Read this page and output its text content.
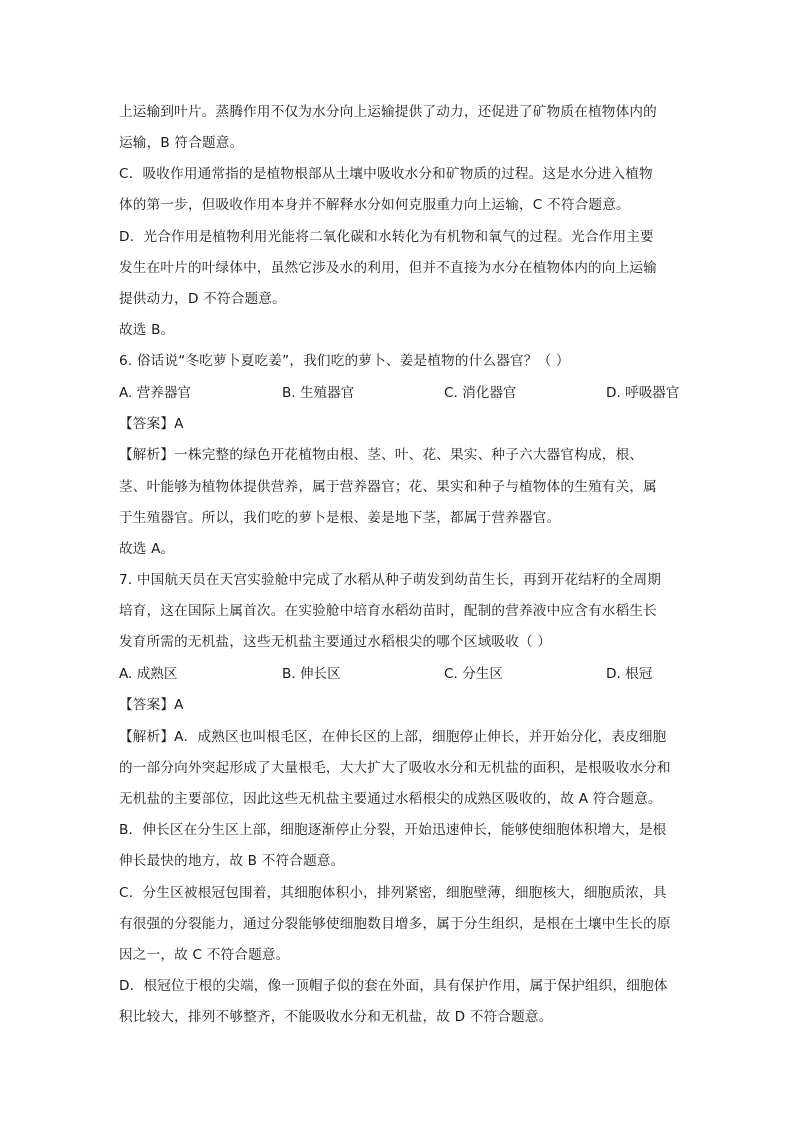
上运输到叶片。蒸腾作用不仅为水分向上运输提供了动力，还促进了矿物质在植物体内的
运输，B 符合题意。
C．吸收作用通常指的是植物根部从土壤中吸收水分和矿物质的过程。这是水分进入植物
体的第一步，但吸收作用本身并不解释水分如何克服重力向上运输，C 不符合题意。
D．光合作用是植物利用光能将二氧化碳和水转化为有机物和氧气的过程。光合作用主要
发生在叶片的叶绿体中，虽然它涉及水的利用，但并不直接为水分在植物体内的向上运输
提供动力，D 不符合题意。
故选 B。
6. 俗话说“冬吃萝卜夏吃姜”，我们吃的萝卜、姜是植物的什么器官？（ ）
A. 营养器官	B. 生殖器官	C. 消化器官	D. 呼吸器官
【答案】A
【解析】一株完整的绿色开花植物由根、茎、叶、花、果实、种子六大器官构成，根、
茎、叶能够为植物体提供营养，属于营养器官；花、果实和种子与植物体的生殖有关，属
于生殖器官。所以，我们吃的萝卜是根、姜是地下茎，都属于营养器官。
故选 A。
7. 中国航天员在天宫实验舱中完成了水稻从种子萌发到幼苗生长，再到开花结籽的全周期
培育，这在国际上属首次。在实验舱中培育水稻幼苗时，配制的营养液中应含有水稻生长
发育所需的无机盐，这些无机盐主要通过水稻根尖的哪个区域吸收（ ）
A. 成熟区	B. 伸长区	C. 分生区	D. 根冠
【答案】A
【解析】A．成熟区也叫根毛区，在伸长区的上部，细胞停止伸长，并开始分化，表皮细胞
的一部分向外突起形成了大量根毛，大大扩大了吸收水分和无机盐的面积，是根吸收水分和
无机盐的主要部位，因此这些无机盐主要通过水稻根尖的成熟区吸收的，故 A 符合题意。
B．伸长区在分生区上部，细胞逐渐停止分裂，开始迅速伸长，能够使细胞体积增大，是根
伸长最快的地方，故 B 不符合题意。
C．分生区被根冠包围着，其细胞体积小，排列紧密，细胞壁薄，细胞核大，细胞质浓，具
有很强的分裂能力，通过分裂能够使细胞数目增多，属于分生组织，是根在土壤中生长的原
因之一，故 C 不符合题意。
D．根冠位于根的尖端，像一顶帽子似的套在外面，具有保护作用，属于保护组织，细胞体
积比较大，排列不够整齐，不能吸收水分和无机盐，故 D 不符合题意。
